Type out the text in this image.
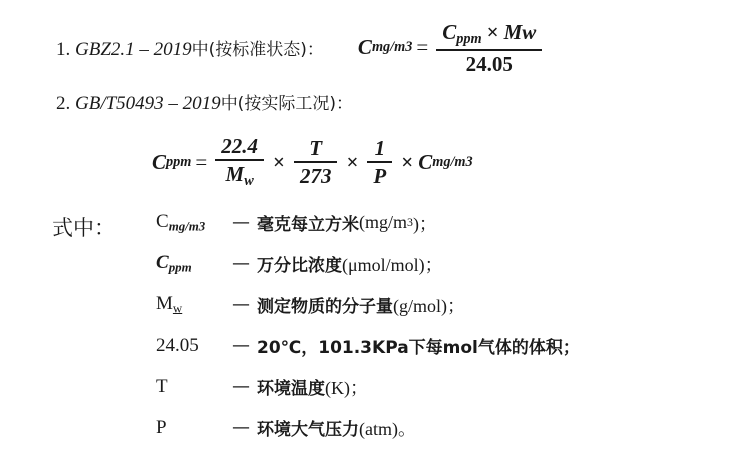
1. GBZ2.1 – 2019中(按标准状态)： C $mg/m3 = \frac{C_{ppm} \times Mw}{24.05}$
2. GB/T50493 – 2019中(按实际工况)：
C ppm = $\frac{22.4}{M_w} \times \frac{T}{273} \times \frac{1}{P} \times C$ mg/m3
式中： $C_{mg/m3}$	— 毫克每立方米 (mg/m 3 )；
$C_{ppm}$	— 万分比浓度 (μmol/mol)；
Mw	— 测定物质的分子量 (g/mol)；
24.05	— 20℃，101.3KPa下每mol气体的体积；
T	— 环境温度 (K)；
P	— 环境大气压力 (atm)。
